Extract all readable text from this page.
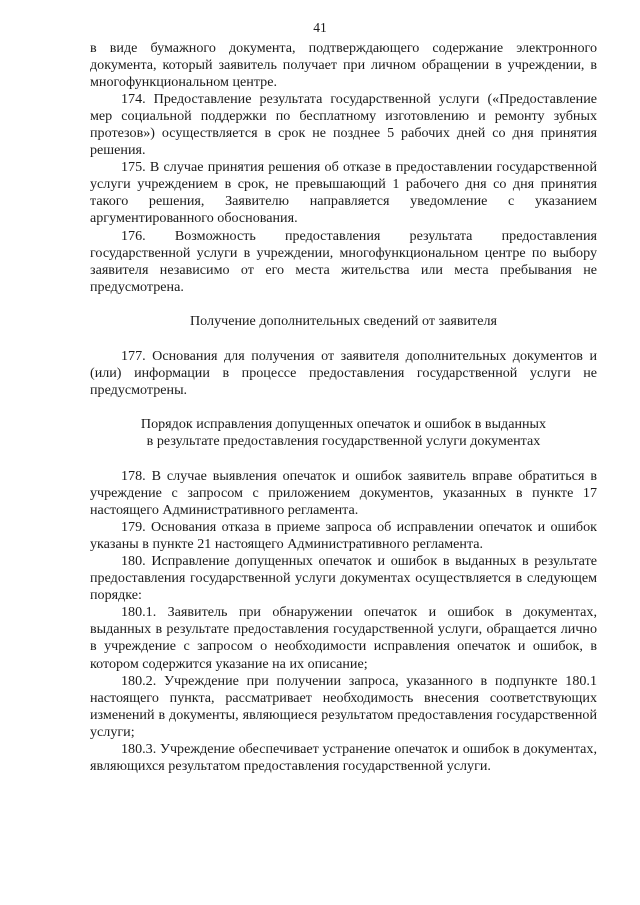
41

в виде бумажного документа, подтверждающего содержание электронного документа, который заявитель получает при личном обращении в учреждении, в многофункциональном центре.

174. Предоставление результата государственной услуги («Предоставление мер социальной поддержки по бесплатному изготовлению и ремонту зубных протезов») осуществляется в срок не позднее 5 рабочих дней со дня принятия решения.

175. В случае принятия решения об отказе в предоставлении государственной услуги учреждением в срок, не превышающий 1 рабочего дня со дня принятия такого решения, Заявителю направляется уведомление с указанием аргументированного обоснования.

176. Возможность предоставления результата предоставления государственной услуги в учреждении, многофункциональном центре по выбору заявителя независимо от его места жительства или места пребывания не предусмотрена.

Получение дополнительных сведений от заявителя

177. Основания для получения от заявителя дополнительных документов и (или) информации в процессе предоставления государственной услуги не предусмотрены.

Порядок исправления допущенных опечаток и ошибок в выданных
в результате предоставления государственной услуги документах

178. В случае выявления опечаток и ошибок заявитель вправе обратиться в учреждение с запросом с приложением документов, указанных в пункте 17 настоящего Административного регламента.

179. Основания отказа в приеме запроса об исправлении опечаток и ошибок указаны в пункте 21 настоящего Административного регламента.

180. Исправление допущенных опечаток и ошибок в выданных в результате предоставления государственной услуги документах осуществляется в следующем порядке:

180.1. Заявитель при обнаружении опечаток и ошибок в документах, выданных в результате предоставления государственной услуги, обращается лично в учреждение с запросом о необходимости исправления опечаток и ошибок, в котором содержится указание на их описание;

180.2. Учреждение при получении запроса, указанного в подпункте 180.1 настоящего пункта, рассматривает необходимость внесения соответствующих изменений в документы, являющиеся результатом предоставления государственной услуги;

180.3. Учреждение обеспечивает устранение опечаток и ошибок в документах, являющихся результатом предоставления государственной услуги.
